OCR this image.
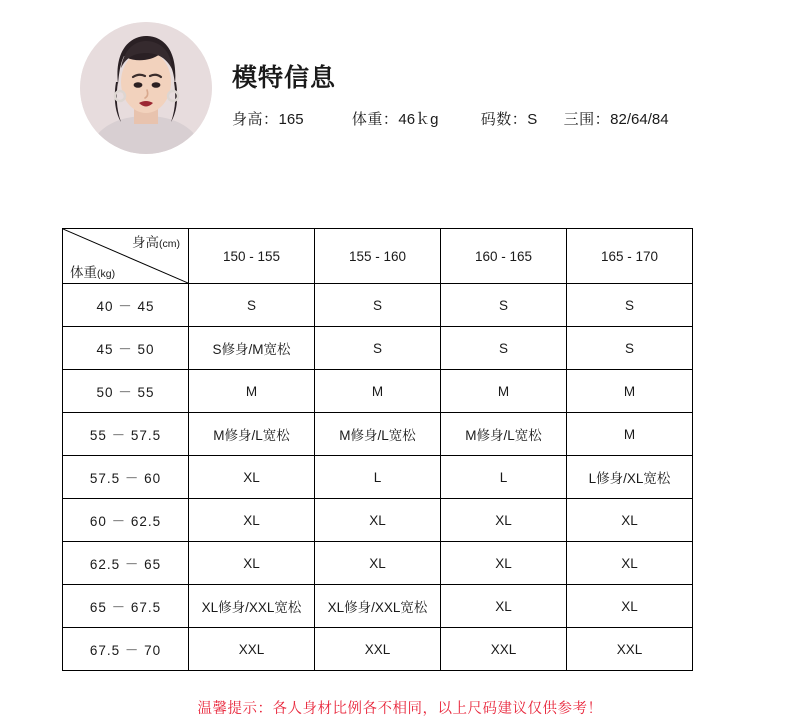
模特信息
身高：165	体重：46ｋg	码数：S 三围：82/64/84
身高(cm)
体重(kg)	150 - 155	155 - 160	160 - 165	165 - 170
40 － 45	S	S	S	S
45 － 50	S修身/M宽松	S	S	S
50 － 55	M	M	M	M
55 － 57.5	M修身/L宽松	M修身/L宽松	M修身/L宽松	M
57.5 － 60	XL	L	L	L修身/XL宽松
60 － 62.5	XL	XL	XL	XL
62.5 － 65	XL	XL	XL	XL
65 － 67.5	XL修身/XXL宽松	XL修身/XXL宽松	XL	XL
67.5 － 70	XXL	XXL	XXL	XXL
温馨提示：各人身材比例各不相同，以上尺码建议仅供参考！
